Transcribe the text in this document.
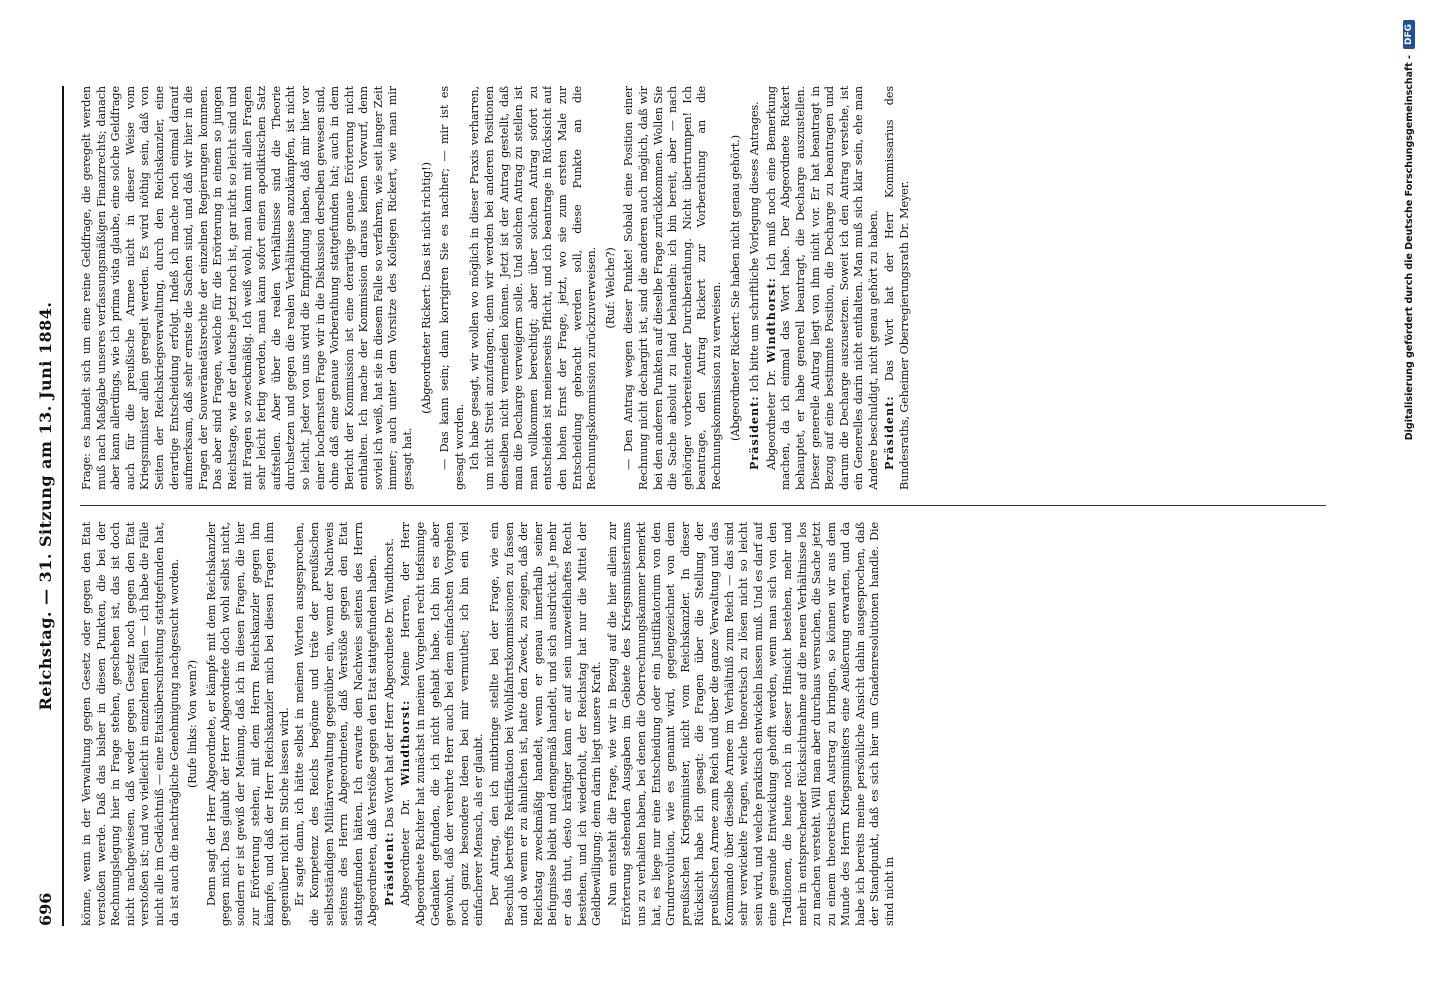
696
Reichstag. — 31. Sitzung am 13. Juni 1884.

könne, wenn in der Verwaltung gegen Gesetz oder gegen den Etat verstoßen werde. Daß das bisher in diesen Punkten, die bei der Rechnungslegung hier in Frage stehen, geschehen ist, das ist doch nicht nachgewiesen, daß weder gegen Gesetz noch gegen den Etat verstoßen ist; und wo vielleicht in einzelnen Fällen — ich habe die Fälle nicht alle im Gedächtniß — eine Etatsüberschreitung stattgefunden hat, da ist auch die nachträgliche Genehmigung nachgesucht worden. (Rufe links: Von wem?) Denn sagt der Herr Abgeordnete, er kämpfe mit dem Reichskanzler gegen mich. Das glaubt der Herr Abgeordnete doch wohl selbst nicht, sondern er ist gewiß der Meinung, daß ich in diesen Fragen, die hier zur Erörterung stehen, mit dem Herrn Reichskanzler gegen ihn kämpfe, und daß der Herr Reichskanzler mich bei diesen Fragen ihm gegenüber nicht im Stiche lassen wird. Er sagte dann, ich hätte selbst in meinen Worten ausgesprochen, die Kompetenz des Reichs begönne und träte der preußischen selbstständigen Militärverwaltung gegenüber ein, wenn der Nachweis seitens des Herrn Abgeordneten, daß Verstöße gegen den Etat stattgefunden hätten. Ich erwarte den Nachweis seitens des Herrn Abgeordneten, daß Verstöße gegen den Etat stattgefunden haben. Präsident: Das Wort hat der Herr Abgeordnete Dr. Windthorst.

Abgeordneter Dr. Windthorst: Meine Herren, der Herr Abgeordnete Richter hat zunächst in meinen Vorgehen recht tiefsinnige Gedanken gefunden, die ich nicht gehabt habe. Ich bin es aber gewohnt, daß der verehrte Herr auch bei dem einfachsten Vorgehen noch ganz besondere Ideen bei mir vermuthet; ich bin ein viel einfacherer Mensch, als er glaubt. Der Antrag, den ich mitbringe stellte bei der Frage, wie ein Beschluß betreffs Rektifikation bei Wohlfahrtskommissionen zu fassen und ob wenn er zu ähnlichen ist, hatte den Zweck, zu zeigen, daß der Reichstag zweckmäßig handelt, wenn er genau innerhalb seiner Befugnisse bleibt und demgemäß handelt, und sich ausdrückt. Je mehr er das thut, desto kräftiger kann er auf sein unzweifelhaftes Recht bestehen, und ich wiederholt, der Reichstag hat nur die Mittel der Geldbewilligung; denn darin liegt unsere Kraft. Nun entsteht die Frage, wie wir in Bezug auf die hier allein zur Erörterung stehenden Ausgaben im Gebiete des Kriegsministeriums uns zu verhalten haben, bei denen die Oberrechnungskammer bemerkt hat, es liege nur eine Entscheidung oder ein Justifikatorium von den Grundrevolution, wie es genannt wird, gegengezeichnet von dem preußischen Kriegsminister, nicht vom Reichskanzler. In dieser Rücksicht habe ich gesagt: die Fragen über die Stellung der preußischen Armee zum Reich und über die ganze Verwaltung und das Kommando über dieselbe Armee im Verhältniß zum Reich — das sind sehr verwickelte Fragen, welche theoretisch zu lösen nicht so leicht sein wird, und welche praktisch entwickeln lassen muß. Und es darf auf eine gesunde Entwicklung gehofft werden, wenn man sich von den Traditionen, die heute noch in dieser Hinsicht bestehen, mehr und mehr in entsprechender Rücksichtnahme auf die neuen Verhältnisse los zu machen versteht. Will man aber durchaus versuchen, die Sache jetzt zu einem theoretischen Austrag zu bringen, so können wir aus dem Munde des Herrn Kriegsministers eine Aeußerung erwarten, und da habe ich bereits meine persönliche Ansicht dahin ausgesprochen, daß der Standpunkt, daß es sich hier um Gnadenresolutionen handle. Die sind nicht in

Frage: es handelt sich um eine reine Geldfrage, die geregelt werden muß nach Maßgabe unseres verfassungsmäßigen Finanzrechts; danach aber kann allerdings, wie ich prima vista glaube, eine solche Geldfrage auch für die preußische Armee nicht in dieser Weise vom Kriegsminister allein geregelt werden. Es wird nöthig sein, daß von Seiten der Reichskriegsverwaltung, durch den Reichskanzler, eine derartige Entscheidung erfolgt. Indeß ich mache noch einmal darauf aufmerksam, daß sehr ernste die Sachen sind, und daß wir hier in die Fragen der Souveränetätsrechte der einzelnen Regierungen kommen. Das aber sind Fragen, welche für die Erörterung in einem so jungen Reichstage, wie der deutsche jetzt noch ist, gar nicht so leicht sind und mit Fragen so zweckmäßig. Ich weiß wohl, man kann mit allen Fragen sehr leicht fertig werden, man kann sofort einen apodiktischen Satz aufstellen. Aber über die realen Verhältnisse sind die Theorie durchsetzen und gegen die realen Verhältnisse anzukämpfen, ist nicht so leicht. Jeder von uns wird die Empfindung haben, daß mir hier vor einer hochernsten Frage wir in die Diskussion derselben gewesen sind, ohne daß eine genaue Vorberathung stattgefunden hat; auch in dem Bericht der Kommission ist eine derartige genaue Erörterung nicht enthalten. Ich mache der Kommission daraus keinen Vorwurf, denn soviel ich weiß, hat sie in diesem Falle so verfahren, wie seit langer Zeit immer; auch unter dem Vorsitze des Kollegen Rickert, wie man mir gesagt hat.

(Abgeordneter Rickert: Das ist nicht richtig!) — Das kann sein; dann korrigiren Sie es nachher; — mir ist es gesagt worden. Ich habe gesagt, wir wollen wo möglich in dieser Praxis verharren, um nicht Streit anzufangen; denn wir werden bei anderen Positionen denselben nicht vermeiden können. Jetzt ist der Antrag gestellt, daß man die Decharge verweigern solle. Und solchen Antrag zu stellen ist man vollkommen berechtigt; aber über solchen Antrag sofort zu entscheiden ist meinerseits Pflicht, und ich beantrage in Rücksicht auf den hohen Ernst der Frage, jetzt, wo sie zum ersten Male zur Entscheidung gebracht werden soll, diese Punkte an die Rechnungskommission zurückzuverweisen. (Ruf: Welche?) — Den Antrag wegen dieser Punkte! Sobald eine Position einer Rechnung nicht dechargirt ist, sind die anderen auch möglich, daß wir bei den anderen Punkten auf dieselbe Frage zurückkommen. Wollen Sie die Sache absolut zu land behandeln: ich bin bereit, aber — nach gehöriger vorbereitender Durchberathung. Nicht übertrumpen! Ich beantrage, den Antrag Rickert zur Vorberathung an die Rechnungskommission zu verweisen. (Abgeordneter Rickert: Sie haben nicht genau gehört.) Präsident: Ich bitte um schriftliche Vorlegung dieses Antrages.

Abgeordneter Dr. Windthorst: Ich muß noch eine Bemerkung machen, da ich einmal das Wort habe. Der Abgeordnete Rickert behauptet, er habe generell beantragt, die Decharge auszustellen. Dieser generelle Antrag liegt von ihm nicht vor. Er hat beantragt in Bezug auf eine bestimmte Position, die Decharge zu beantragen und darum die Decharge auszusetzen. Soweit ich den Antrag verstehe, ist ein Generelles darin nicht enthalten. Man muß sich klar sein, ehe man Andere beschuldigt, nicht genau gehört zu haben. Präsident: Das Wort hat der Herr Kommissarius des Bundesraths, Geheimer Oberregierungsrath Dr. Meyer.	Digitalisierung gefördert durch die Deutsche Forschungsgemeinschaft -
DFG
